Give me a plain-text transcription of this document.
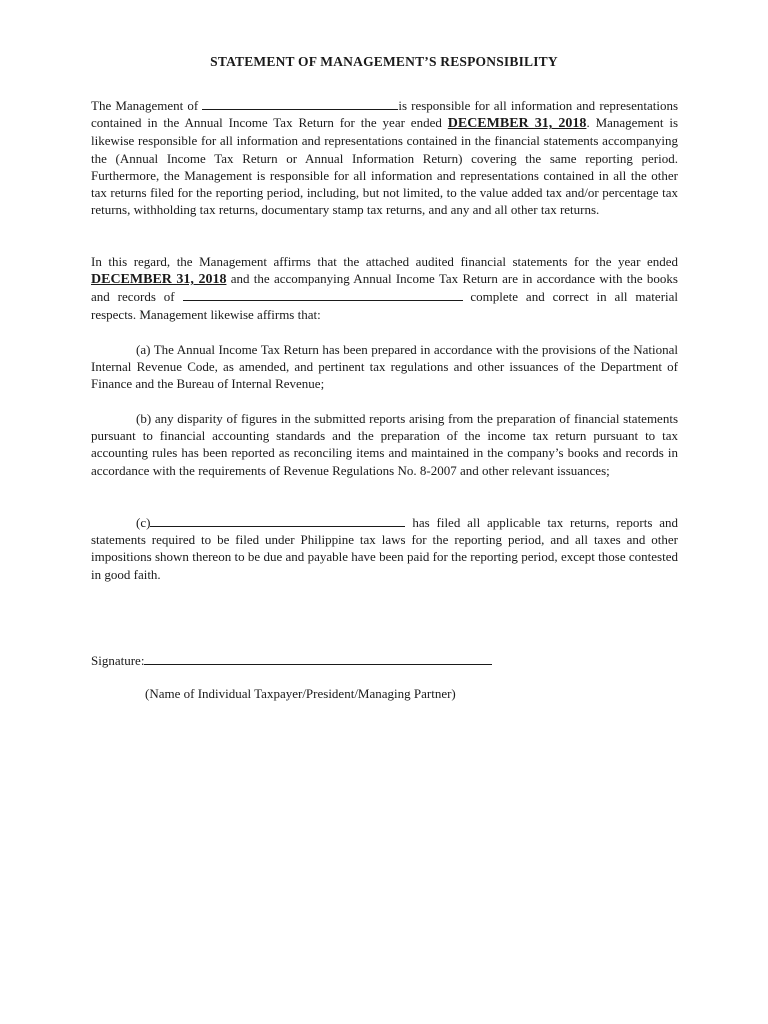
STATEMENT OF MANAGEMENT’S RESPONSIBILITY

The Management of	is responsible for all information and representations contained in the Annual Income Tax Return for the year ended DECEMBER 31, 2018. Management is likewise responsible for all information and representations contained in the financial statements accompanying the (Annual Income Tax Return or Annual Information Return) covering the same reporting period. Furthermore, the Management is responsible for all information and representations contained in all the other tax returns filed for the reporting period, including, but not limited, to the value added tax and/or percentage tax returns, withholding tax returns, documentary stamp tax returns, and any and all other tax returns.

In this regard, the Management affirms that the attached audited financial statements for the year ended DECEMBER 31, 2018 and the accompanying Annual Income Tax Return are in accordance with the books and records of	complete and correct in all material respects. Management likewise affirms that:

(a) The Annual Income Tax Return has been prepared in accordance with the provisions of the National Internal Revenue Code, as amended, and pertinent tax regulations and other issuances of the Department of Finance and the Bureau of Internal Revenue;

(b) any disparity of figures in the submitted reports arising from the preparation of financial statements pursuant to financial accounting standards and the preparation of the income tax return pursuant to tax accounting rules has been reported as reconciling items and maintained in the company’s books and records in accordance with the requirements of Revenue Regulations No. 8-2007 and other relevant issuances;

(c)	has filed all applicable tax returns, reports and statements required to be filed under Philippine tax laws for the reporting period, and all taxes and other impositions shown thereon to be due and payable have been paid for the reporting period, except those contested in good faith.

Signature:

(Name of Individual Taxpayer/President/Managing Partner)
